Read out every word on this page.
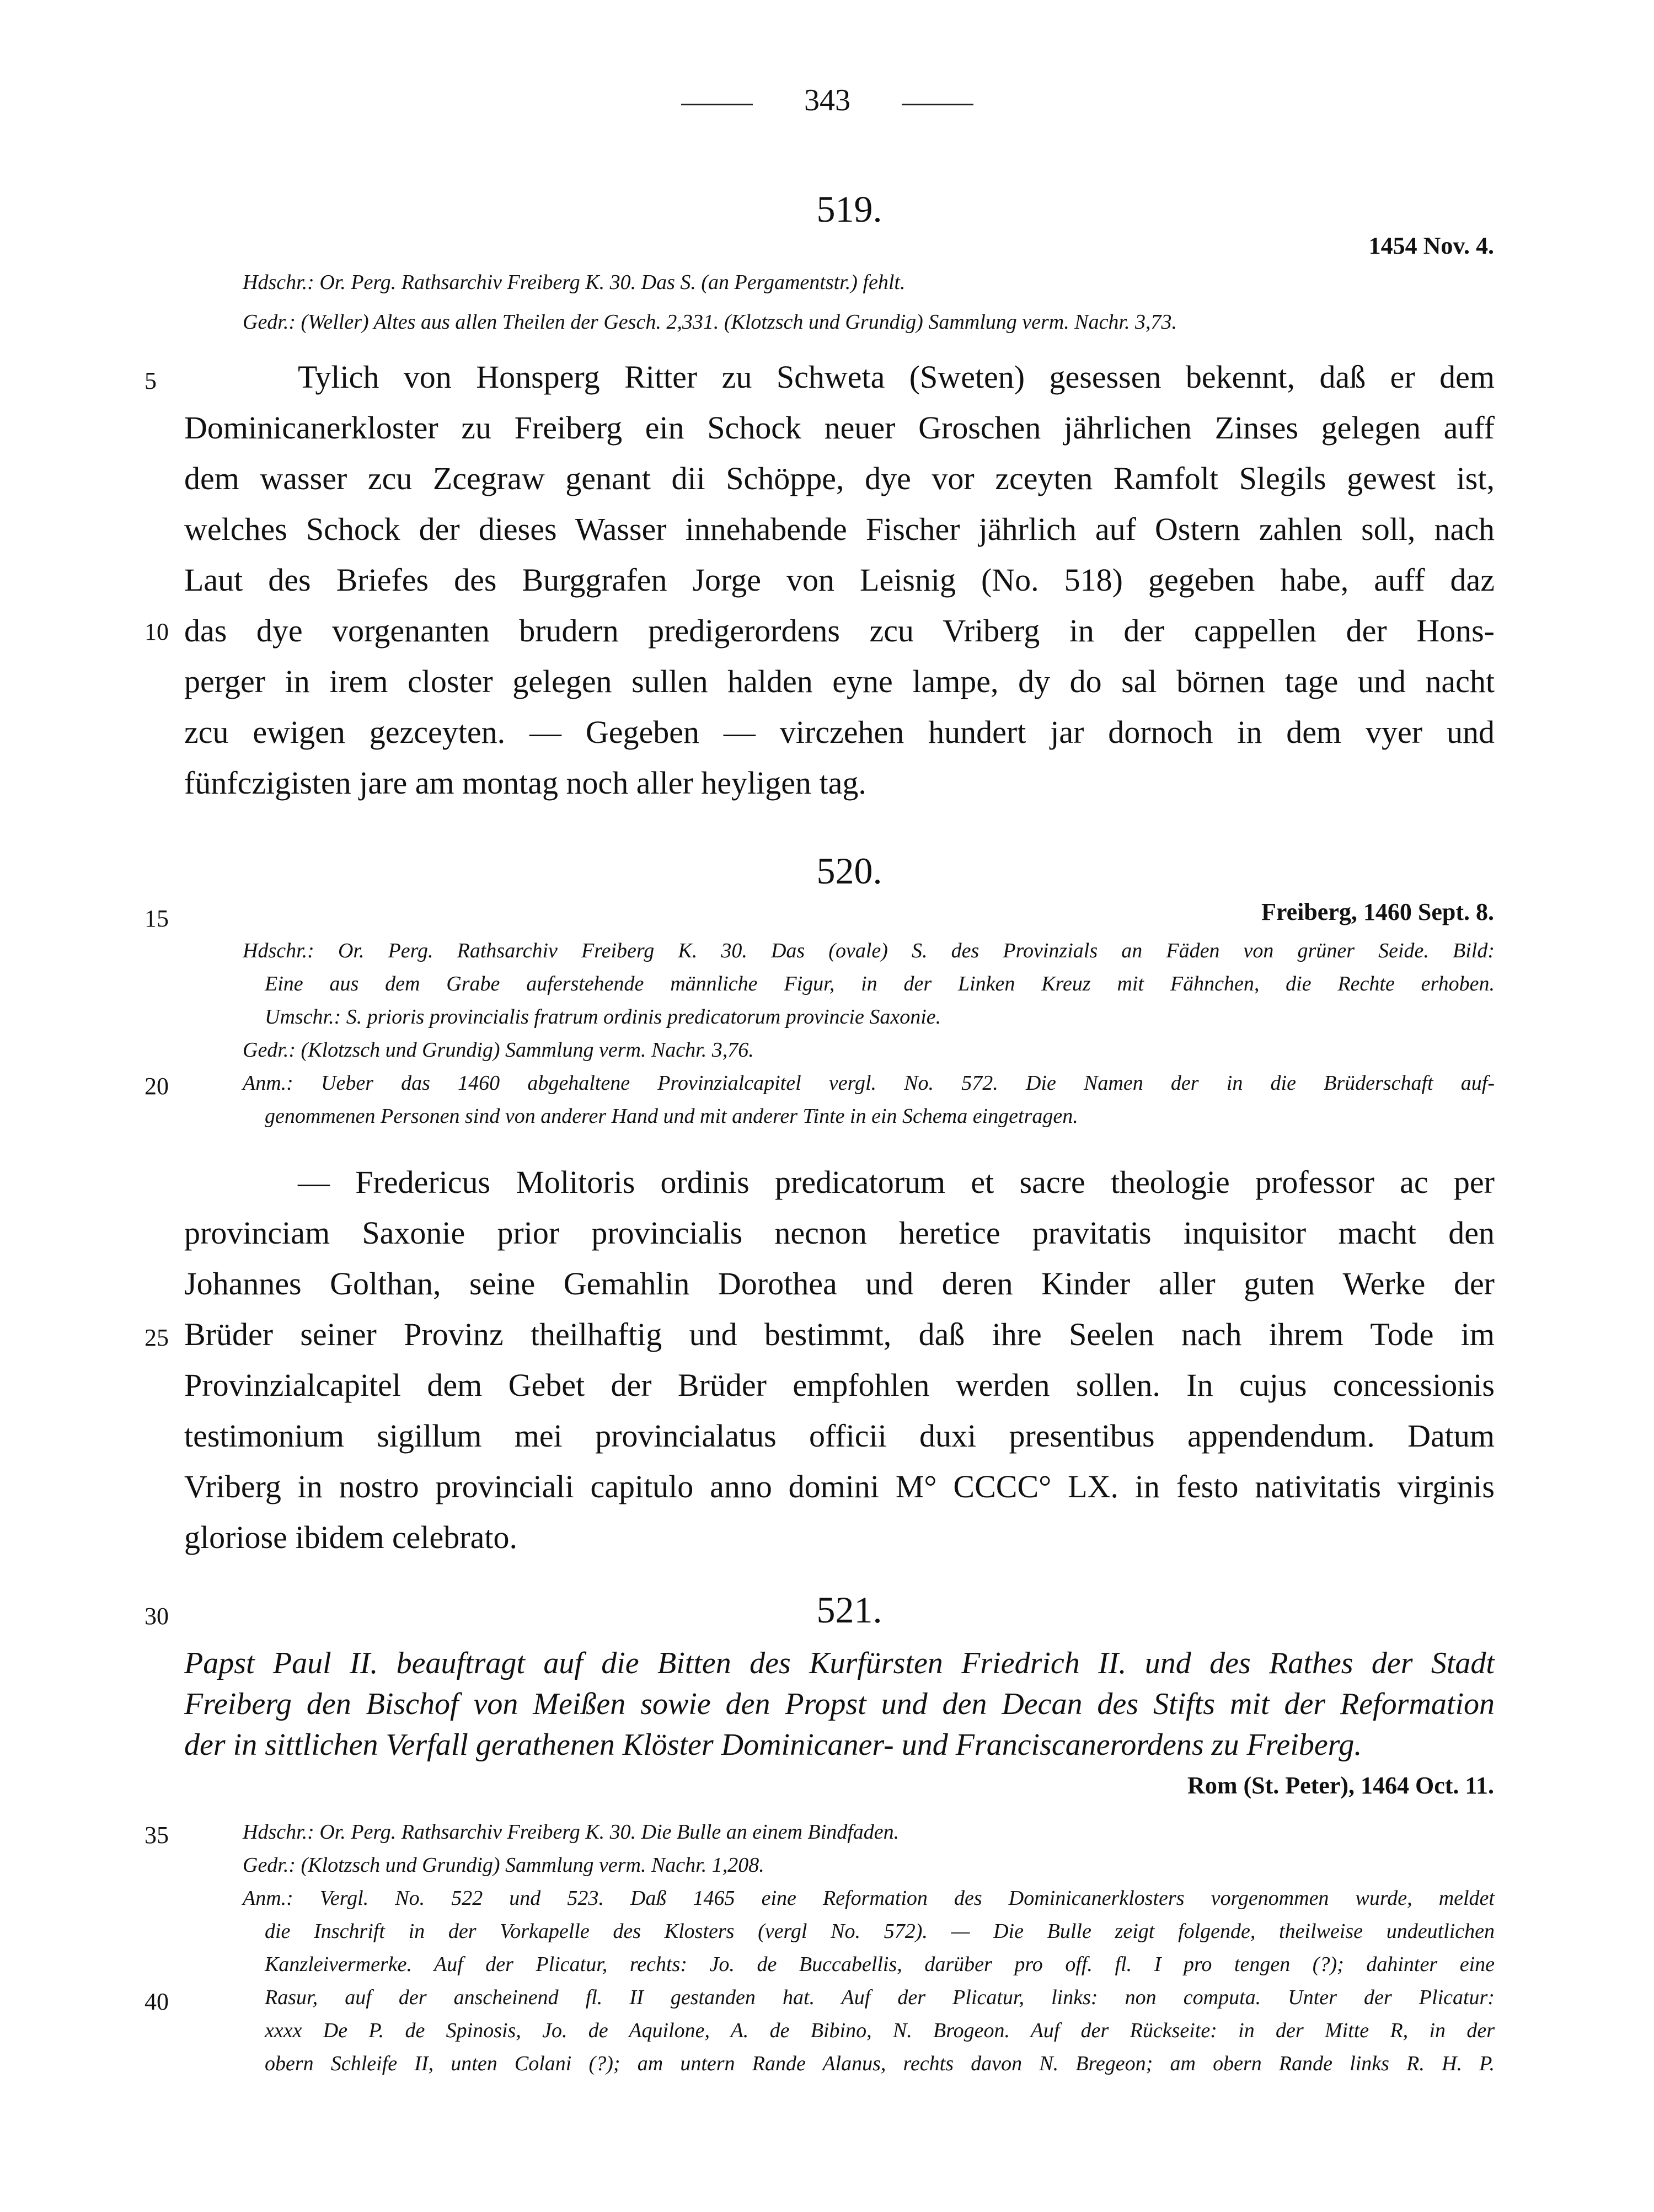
343
519.
1454 Nov. 4.
Hdschr.: Or. Perg. Rathsarchiv Freiberg K. 30. Das S. (an Pergamentstr.) fehlt.
Gedr.: (Weller) Altes aus allen Theilen der Gesch. 2,331. (Klotzsch und Grundig) Sammlung verm. Nachr. 3,73.
5	Tylich von Honsperg Ritter zu Schweta (Sweten) gesessen bekennt, daß er dem
Dominicanerkloster zu Freiberg ein Schock neuer Groschen jährlichen Zinses gelegen auff
dem wasser zcu Zcegraw genant dii Schöppe, dye vor zceyten Ramfolt Slegils gewest ist,
welches Schock der dieses Wasser innehabende Fischer jährlich auf Ostern zahlen soll, nach
Laut des Briefes des Burggrafen Jorge von Leisnig (No. 518) gegeben habe, auff daz
10 das dye vorgenanten brudern predigerordens zcu Vriberg in der cappellen der Hons-
perger in irem closter gelegen sullen halden eyne lampe, dy do sal börnen tage und nacht
zcu ewigen gezceyten. — Gegeben — virczehen hundert jar dornoch in dem vyer und
fünfczigisten jare am montag noch aller heyligen tag.
520.
15	Freiberg, 1460 Sept. 8.
Hdschr.: Or. Perg. Rathsarchiv Freiberg K. 30. Das (ovale) S. des Provinzials an Fäden von grüner Seide. Bild:
Eine aus dem Grabe auferstehende männliche Figur, in der Linken Kreuz mit Fähnchen, die Rechte erhoben.
Umschr.: S. prioris provincialis fratrum ordinis predicatorum provincie Saxonie.
Gedr.: (Klotzsch und Grundig) Sammlung verm. Nachr. 3,76.
20	Anm.: Ueber das 1460 abgehaltene Provinzialcapitel vergl. No. 572. Die Namen der in die Brüderschaft auf-
genommenen Personen sind von anderer Hand und mit anderer Tinte in ein Schema eingetragen.
— Fredericus Molitoris ordinis predicatorum et sacre theologie professor ac per
provinciam Saxonie prior provincialis necnon heretice pravitatis inquisitor macht den
Johannes Golthan, seine Gemahlin Dorothea und deren Kinder aller guten Werke der
25 Brüder seiner Provinz theilhaftig und bestimmt, daß ihre Seelen nach ihrem Tode im
Provinzialcapitel dem Gebet der Brüder empfohlen werden sollen. In cujus concessionis
testimonium sigillum mei provincialatus officii duxi presentibus appendendum. Datum
Vriberg in nostro provinciali capitulo anno domini M° CCCC° LX. in festo nativitatis virginis
gloriose ibidem celebrato.
30	521.
Papst Paul II. beauftragt auf die Bitten des Kurfürsten Friedrich II. und des Rathes der Stadt
Freiberg den Bischof von Meißen sowie den Propst und den Decan des Stifts mit der Reformation
der in sittlichen Verfall gerathenen Klöster Dominicaner- und Franciscanerordens zu Freiberg.
Rom (St. Peter), 1464 Oct. 11.
35	Hdschr.: Or. Perg. Rathsarchiv Freiberg K. 30. Die Bulle an einem Bindfaden.
Gedr.: (Klotzsch und Grundig) Sammlung verm. Nachr. 1,208.
Anm.: Vergl. No. 522 und 523. Daß 1465 eine Reformation des Dominicanerklosters vorgenommen wurde, meldet
die Inschrift in der Vorkapelle des Klosters (vergl No. 572). — Die Bulle zeigt folgende, theilweise undeutlichen
Kanzleivermerke. Auf der Plicatur, rechts: Jo. de Buccabellis, darüber pro off. fl. I pro tengen (?); dahinter eine
40	Rasur, auf der anscheinend fl. II gestanden hat. Auf der Plicatur, links: non computa. Unter der Plicatur:
xxxx De P. de Spinosis, Jo. de Aquilone, A. de Bibino, N. Brogeon. Auf der Rückseite: in der Mitte R, in der
obern Schleife II, unten Colani (?); am untern Rande Alanus, rechts davon N. Bregeon; am obern Rande links R. H. P.
